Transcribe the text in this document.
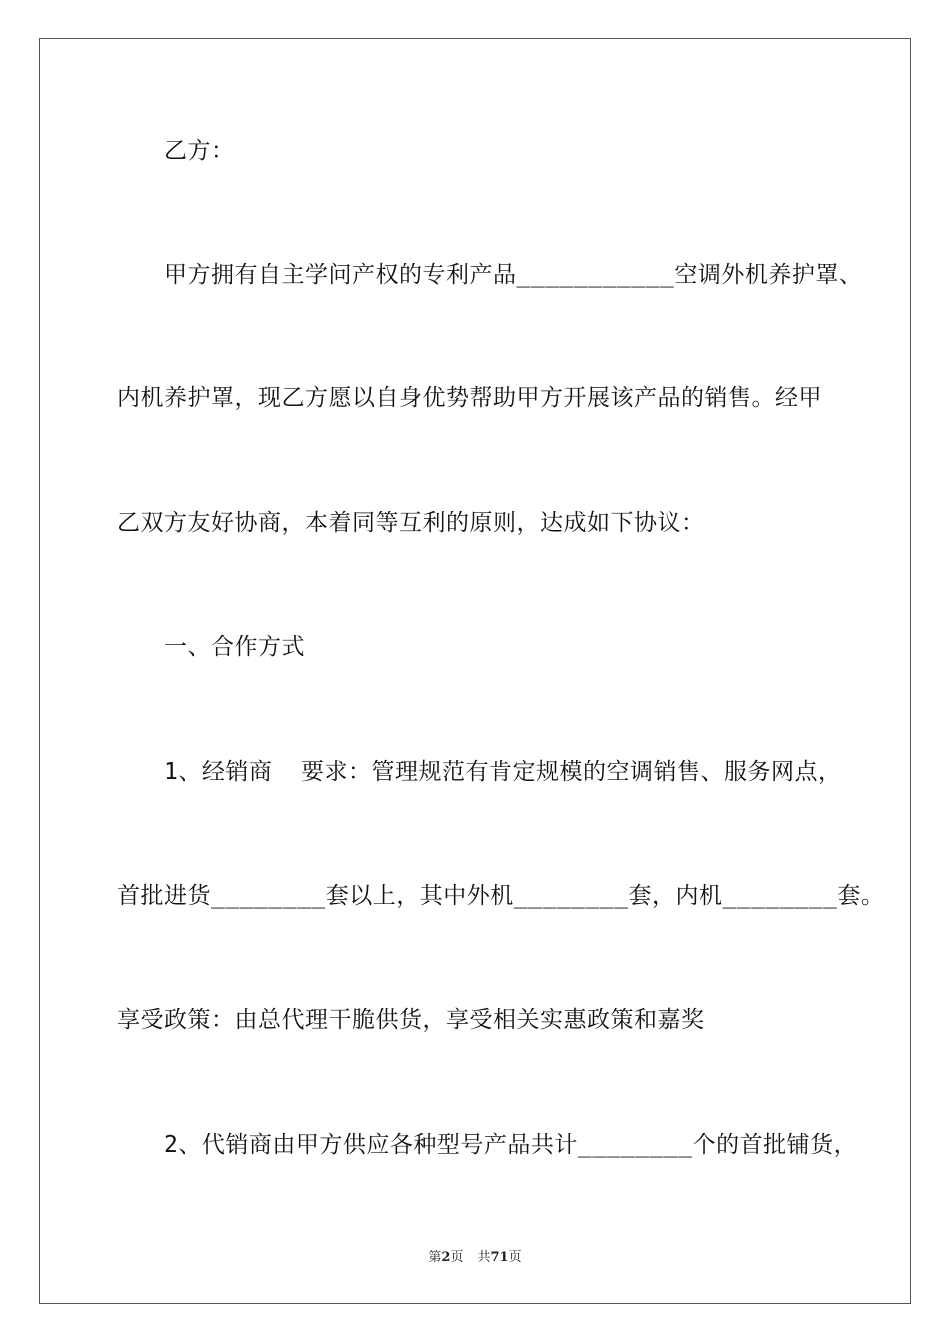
乙方：
甲方拥有自主学问产权的专利产品___________空调外机养护罩、
内机养护罩，现乙方愿以自身优势帮助甲方开展该产品的销售。经甲
乙双方友好协商，本着同等互利的原则，达成如下协议：
一、合作方式
1、经销商  要求：管理规范有肯定规模的空调销售、服务网点，
首批进货________套以上，其中外机________套，内机________套。
享受政策：由总代理干脆供货，享受相关实惠政策和嘉奖
2、代销商由甲方供应各种型号产品共计________个的首批铺货，
第2页 共71页
